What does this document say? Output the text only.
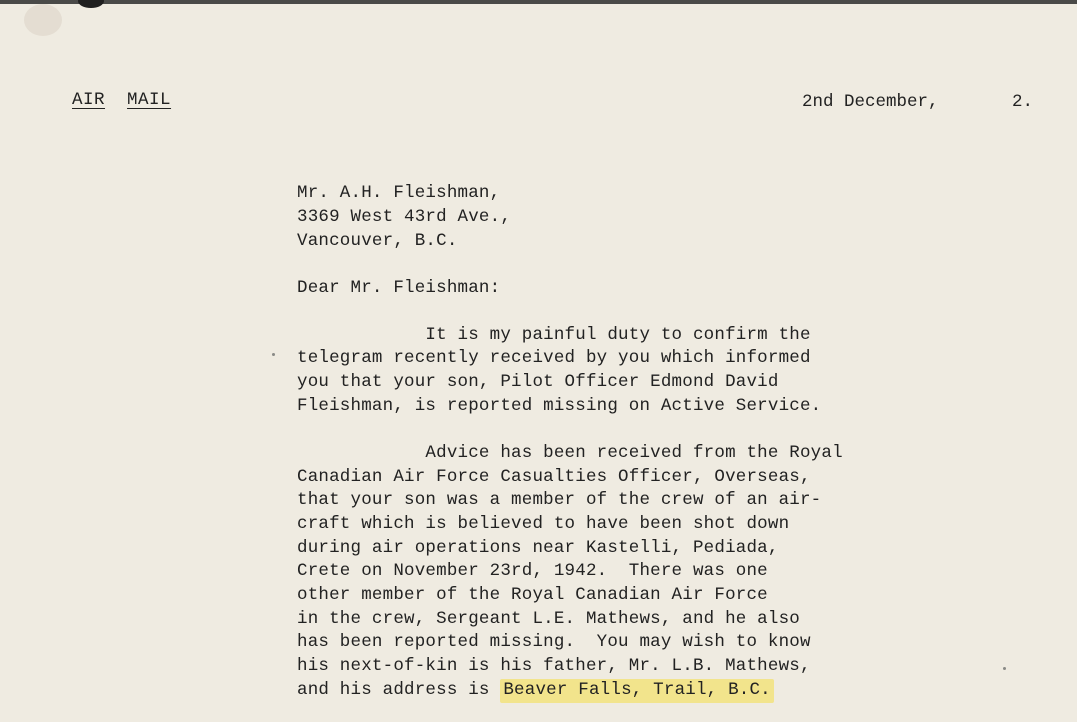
AIR MAIL	2nd December,       2.
Mr. A.H. Fleishman,
3369 West 43rd Ave.,
Vancouver, B.C.
Dear Mr. Fleishman:
It is my painful duty to confirm the
telegram recently received by you which informed
you that your son, Pilot Officer Edmond David
Fleishman, is reported missing on Active Service.
Advice has been received from the Royal
Canadian Air Force Casualties Officer, Overseas,
that your son was a member of the crew of an air-
craft which is believed to have been shot down
during air operations near Kastelli, Pediada,
Crete on November 23rd, 1942.  There was one
other member of the Royal Canadian Air Force
in the crew, Sergeant L.E. Mathews, and he also
has been reported missing.  You may wish to know
his next-of-kin is his father, Mr. L.B. Mathews,
and his address is Beaver Falls, Trail, B.C.
